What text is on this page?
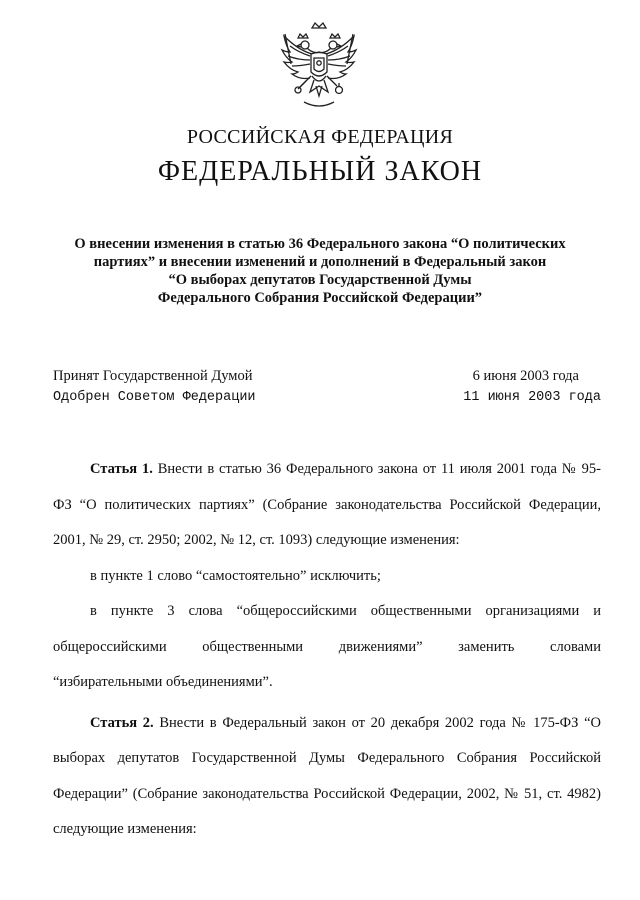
РОССИЙСКАЯ ФЕДЕРАЦИЯ
ФЕДЕРАЛЬНЫЙ ЗАКОН
О внесении изменения в статью 36 Федерального закона “О политических
партиях” и внесении изменений и дополнений в Федеральный закон
“О выборах депутатов Государственной Думы
Федерального Собрания Российской Федерации”
Принят Государственной Думой	6 июня 2003 года
Одобрен Советом Федерации	11 июня 2003 года

Статья 1. Внести в статью 36 Федерального закона от 11 июля 2001 года № 95-ФЗ “О политических партиях” (Собрание законодательства Российской Федерации, 2001, № 29, ст. 2950; 2002, № 12, ст. 1093) следующие изменения:

в пункте 1 слово “самостоятельно” исключить;

в пункте 3 слова “общероссийскими общественными организациями и
общероссийскими общественными движениями” заменить словами
“избирательными объединениями”.

Статья 2. Внести в Федеральный закон от 20 декабря 2002 года № 175-ФЗ “О выборах депутатов Государственной Думы Федерального Собрания Российской Федерации” (Собрание законодательства Российской Федерации, 2002, № 51, ст. 4982) следующие изменения:
